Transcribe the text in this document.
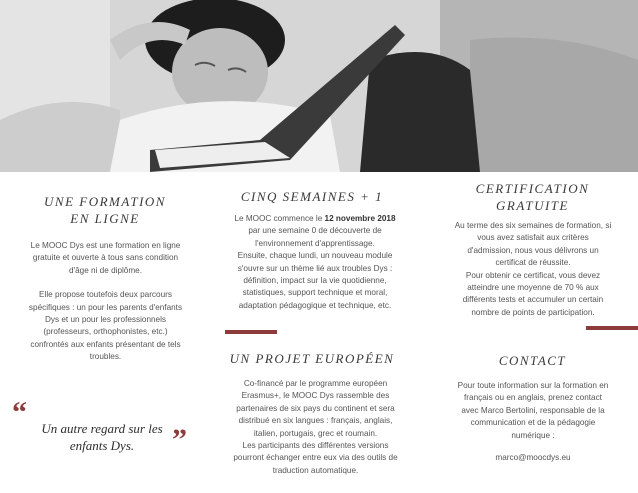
UNE FORMATION
EN LIGNE
Le MOOC Dys est une formation en ligne
gratuite et ouverte à tous sans condition
d'âge ni de diplôme.
Elle propose toutefois deux parcours
spécifiques : un pour les parents d'enfants
Dys et un pour les professionnels
(professeurs, orthophonistes, etc.)
confrontés aux enfants présentant de tels
troubles.
“	Un autre regard sur les
enfants Dys.	”
CINQ SEMAINES + 1
Le MOOC commence le 12 novembre 2018
par une semaine 0 de découverte de
l'environnement d'apprentissage.
Ensuite, chaque lundi, un nouveau module
s'ouvre sur un thème lié aux troubles Dys :
définition, impact sur la vie quotidienne,
statistiques, support technique et moral,
adaptation pédagogique et technique, etc.
UN PROJET EUROPÉEN
Co-financé par le programme européen
Erasmus+, le MOOC Dys rassemble des
partenaires de six pays du continent et sera
distribué en six langues : français, anglais,
italien, portugais, grec et roumain.
Les participants des différentes versions
pourront échanger entre eux via des outils de
traduction automatique.
CERTIFICATION
GRATUITE
Au terme des six semaines de formation, si
vous avez satisfait aux critères
d'admission, nous vous délivrons un
certificat de réussite.
Pour obtenir ce certificat, vous devez
atteindre une moyenne de 70 % aux
différents tests et accumuler un certain
nombre de points de participation.
CONTACT
Pour toute information sur la formation en
français ou en anglais, prenez contact
avec Marco Bertolini, responsable de la
communication et de la pédagogie
numérique :
marco@moocdys.eu
